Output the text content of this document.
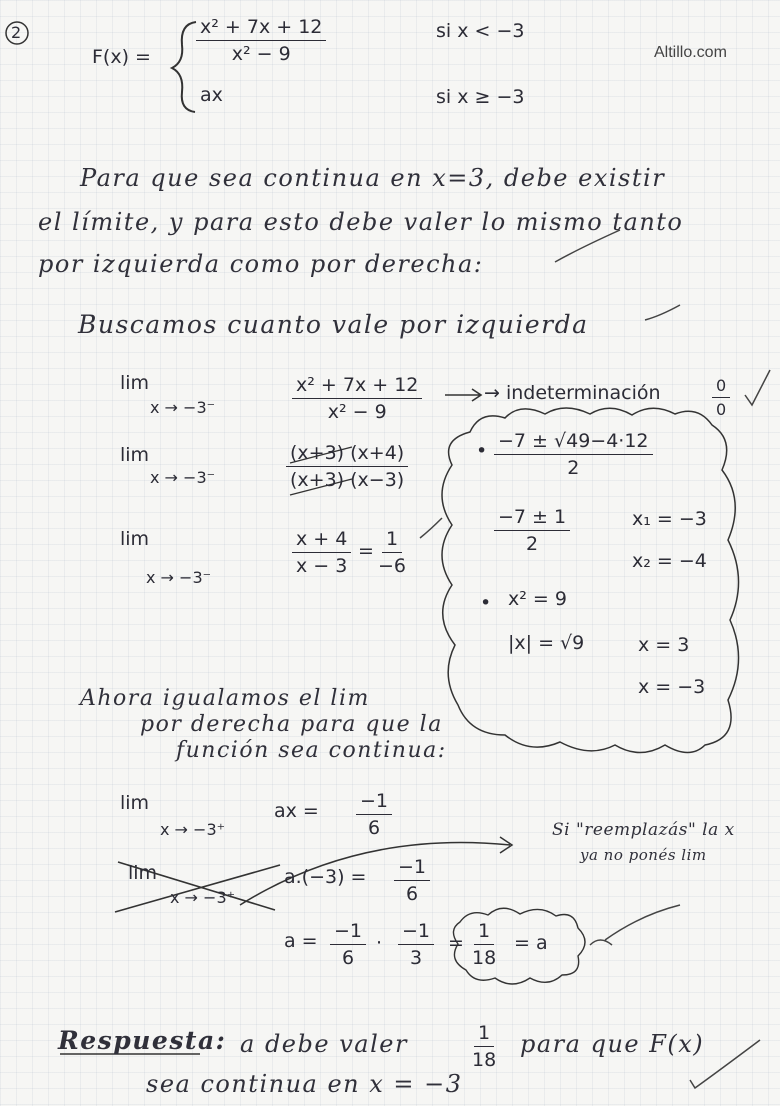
Altillo.com
2
$F(x) = \frac{\text{x² + 7x + 12}}{\text{x² − 9}}$	si x < −3
ax	si x ≥ −3
Para que sea continua en x=3, debe existir
el límite, y para esto debe valer lo mismo tanto
por izquierda como por derecha:
Buscamos cuanto vale por izquierda
lim
x → −3⁻	$\frac{\text{x² + 7x + 12}}{\text{x² − 9}}$	→ indeterminación	$\frac{0}{0}$
lim
x → −3⁻	$\frac{(x+3) (x+4)}{(x+3) (x-3)}$
lim
x → −3⁻
$\frac{x + 4}{x - 3} = \frac{1}{-6}$
• $\frac{-7 \pm √49-4\cdot 12}{2}$
$\frac{-7 \pm 1}{2}$	x₁ = −3
x₂ = −4
• x² = 9
|x| = √9	x = 3
x = −3
Ahora igualamos el lim
por derecha para que la
función sea continua:
lim
x → −3⁺
ax = $\frac{-1}{6}$
lim
x → −3⁺
$a.(-3) = \frac{-1}{6}$
Si "reemplazás" la x
ya no ponés lim
$a = \frac{-1}{6} \cdot \frac{-1}{3} = \frac{1}{18} = a$
Respuesta: a debe valer	$\frac{1}{18}$ para que F(x)
sea continua en x = −3
